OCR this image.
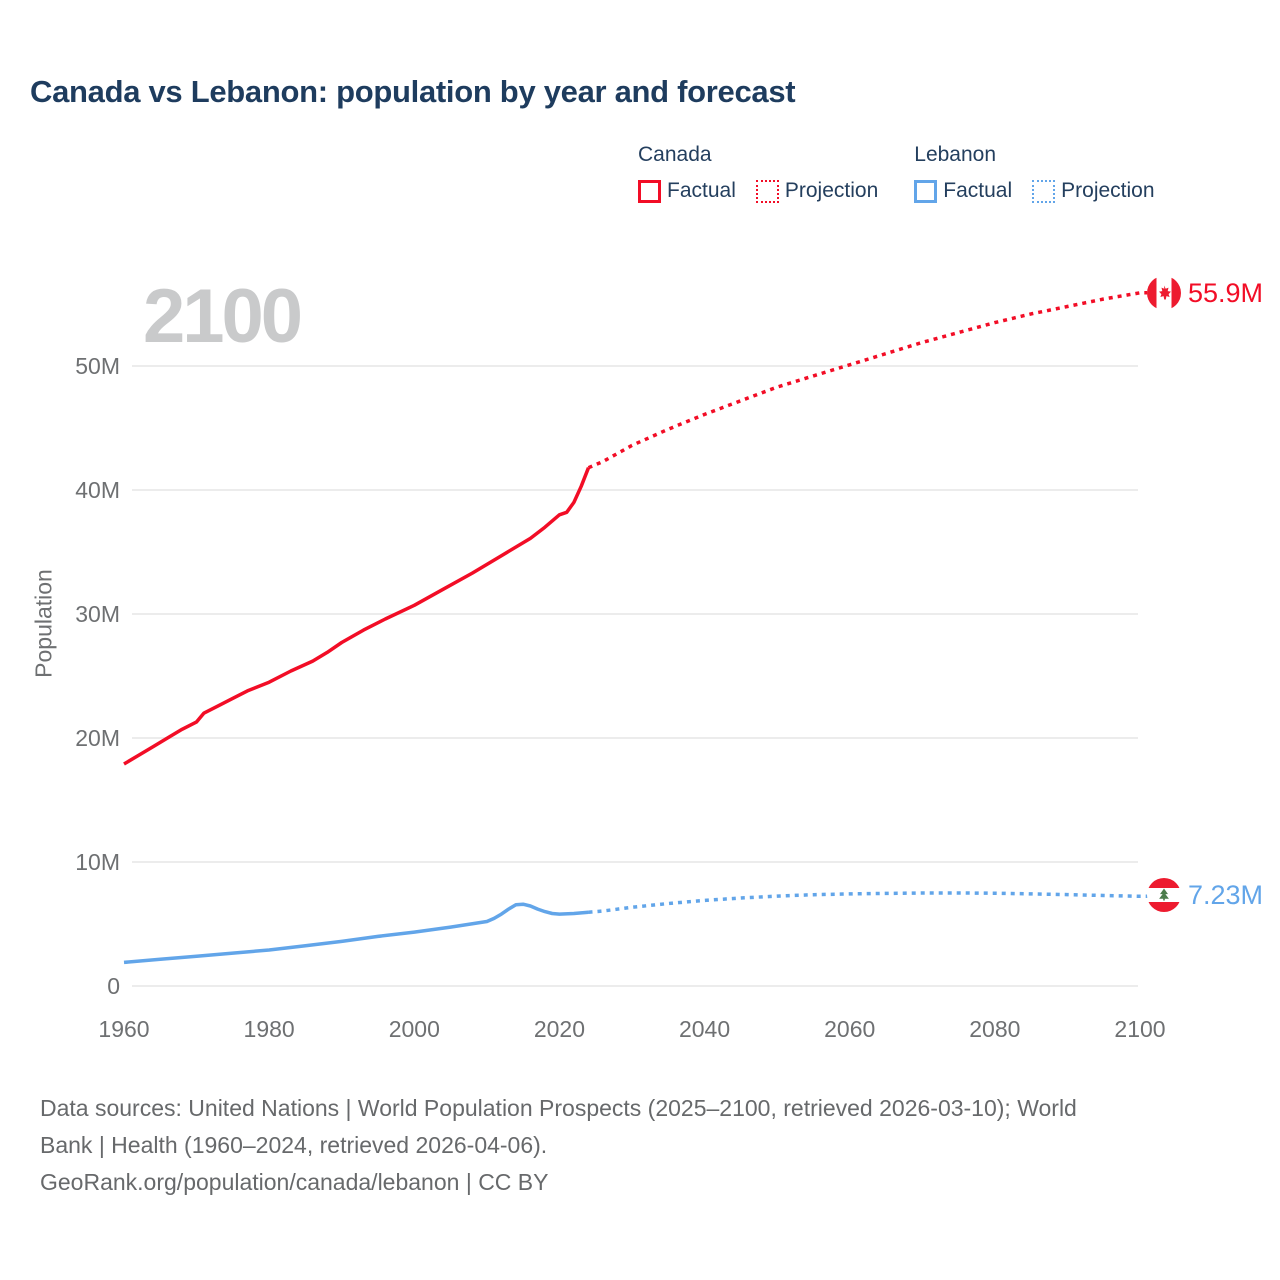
Canada vs Lebanon: population by year and forecast
Canada
Factual Projection
Lebanon
Factual Projection
2100
Population
0
10M
20M
30M
40M
50M
1960	1980	2000	2020	2040	2060	2080	2100
55.9M
7.23M
Data sources: United Nations | World Population Prospects (2025–2100, retrieved 2026-03-10); World
Bank | Health (1960–2024, retrieved 2026-04-06).
GeoRank.org/population/canada/lebanon | CC BY
